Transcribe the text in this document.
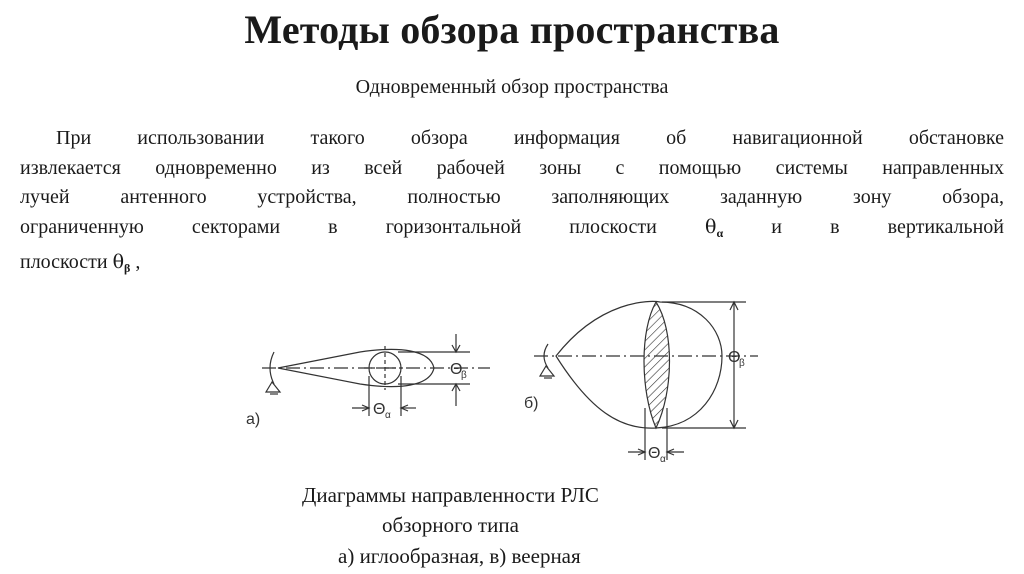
Методы обзора пространства
Одновременный обзор пространства
При использовании такого обзора информация об навигационной обстановке
извлекается одновременно из всей рабочей зоны с помощью системы направленных
лучей антенного устройства, полностью заполняющих заданную зону обзора,
ограниченную секторами в горизонтальной плоскости	$\theta_\alpha$ и в вертикальной
плоскости $\theta_\beta$ ,
а)
Θ
β
Θ α
б)
Θ
β
Θ α
Диаграммы направленности РЛС
обзорного типа
а) иглообразная, в) веерная
